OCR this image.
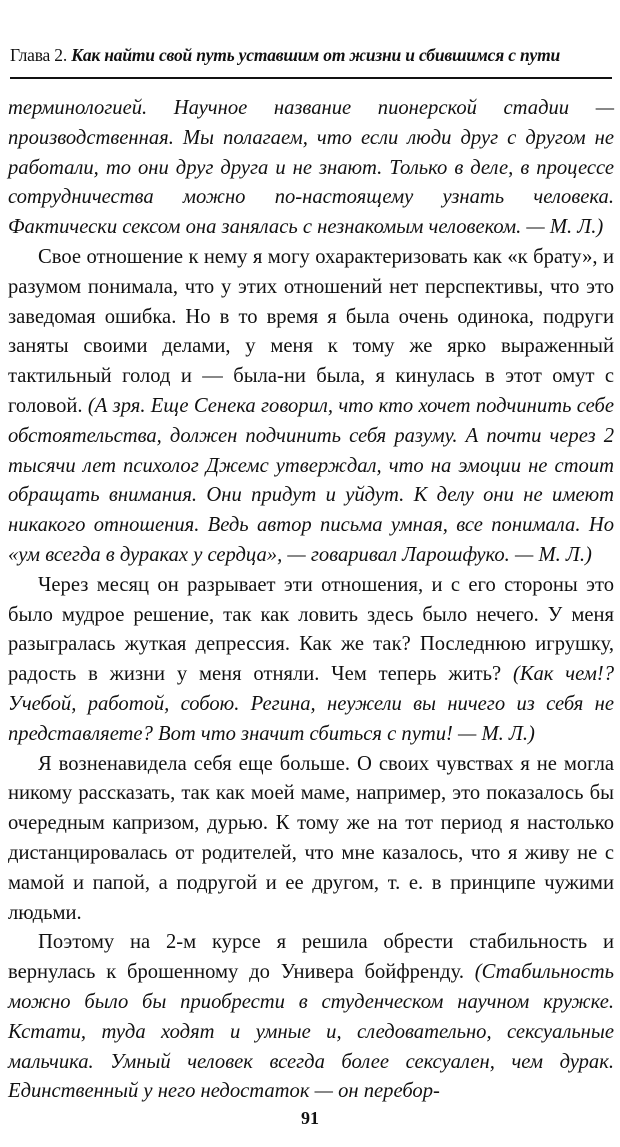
Глава 2. Как найти свой путь уставшим от жизни и сбившимся с пути

терминологией. Научное название пионерской стадии — производственная. Мы полагаем, что если люди друг с другом не работали, то они друг друга и не знают. Только в деле, в процессе сотрудничества можно по-настоящему узнать человека. Фактически сексом она занялась с незнакомым человеком. — М. Л.)

Свое отношение к нему я могу охарактеризовать как «к брату», и разумом понимала, что у этих отношений нет перспективы, что это заведомая ошибка. Но в то время я была очень одинока, подруги заняты своими делами, у меня к тому же ярко выраженный тактильный голод и — была-ни была, я кинулась в этот омут с головой. (А зря. Еще Сенека говорил, что кто хочет подчинить себе обстоятельства, должен подчинить себя разуму. А почти через 2 тысячи лет психолог Джемс утверждал, что на эмоции не стоит обращать внимания. Они придут и уйдут. К делу они не имеют никакого отношения. Ведь автор письма умная, все понимала. Но «ум всегда в дураках у сердца», — говаривал Ларошфуко. — М. Л.)

Через месяц он разрывает эти отношения, и с его стороны это было мудрое решение, так как ловить здесь было нечего. У меня разыгралась жуткая депрессия. Как же так? Последнюю игрушку, радость в жизни у меня отняли. Чем теперь жить? (Как чем!? Учебой, работой, собою. Регина, неужели вы ничего из себя не представляете? Вот что значит сбиться с пути! — М. Л.)

Я возненавидела себя еще больше. О своих чувствах я не могла никому рассказать, так как моей маме, например, это показалось бы очередным капризом, дурью. К тому же на тот период я настолько дистанцировалась от родителей, что мне казалось, что я живу не с мамой и папой, а подругой и ее другом, т. е. в принципе чужими людьми.

Поэтому на 2-м курсе я решила обрести стабильность и вернулась к брошенному до Универа бойфренду. (Стабильность можно было бы приобрести в студенческом научном кружке. Кстати, туда ходят и умные и, следовательно, сексуальные мальчика. Умный человек всегда более сексуален, чем дурак. Единственный у него недостаток — он перебор-

91
